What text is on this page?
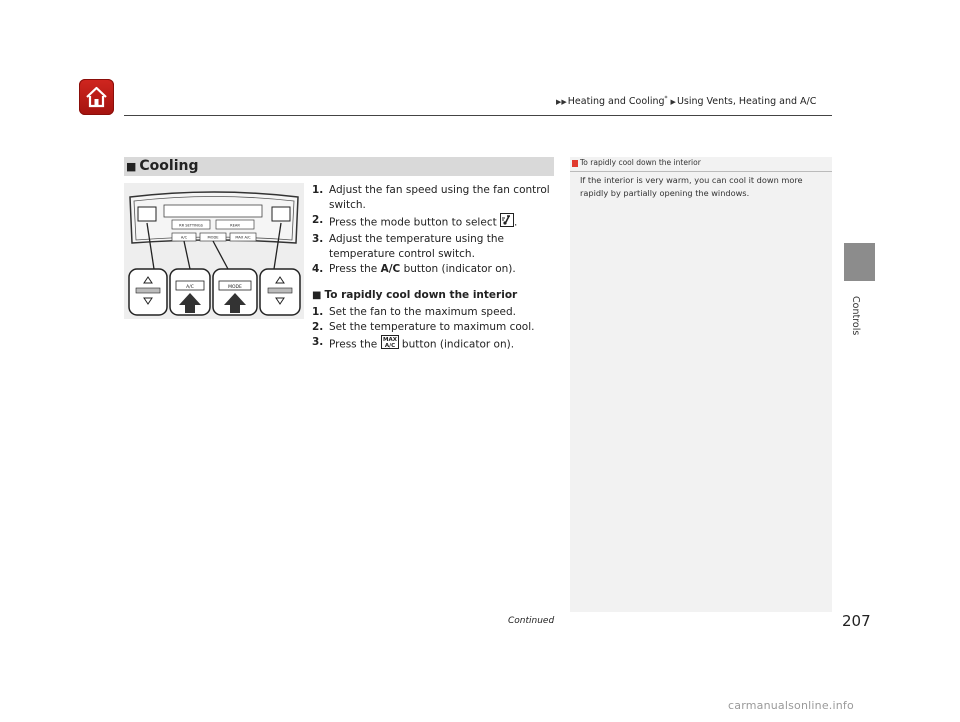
▶▶Heating and Cooling* ▶Using Vents, Heating and A/C
Controls
■ Cooling
RR SETTINGS	REAR
A/C	MODE	MAX A/C
A/C	MODE
1. Adjust the fan speed using the fan control switch.
2. Press the mode button to select .
3. Adjust the temperature using the temperature control switch.
4. Press the A/C button (indicator on).
■ To rapidly cool down the interior
1. Set the fan to the maximum speed.
2. Set the temperature to maximum cool.
3. Press the MAX
A/C button (indicator on).
To rapidly cool down the interior
If the interior is very warm, you can cool it down more rapidly by partially opening the windows.
Continued	207
carmanualsonline.info
